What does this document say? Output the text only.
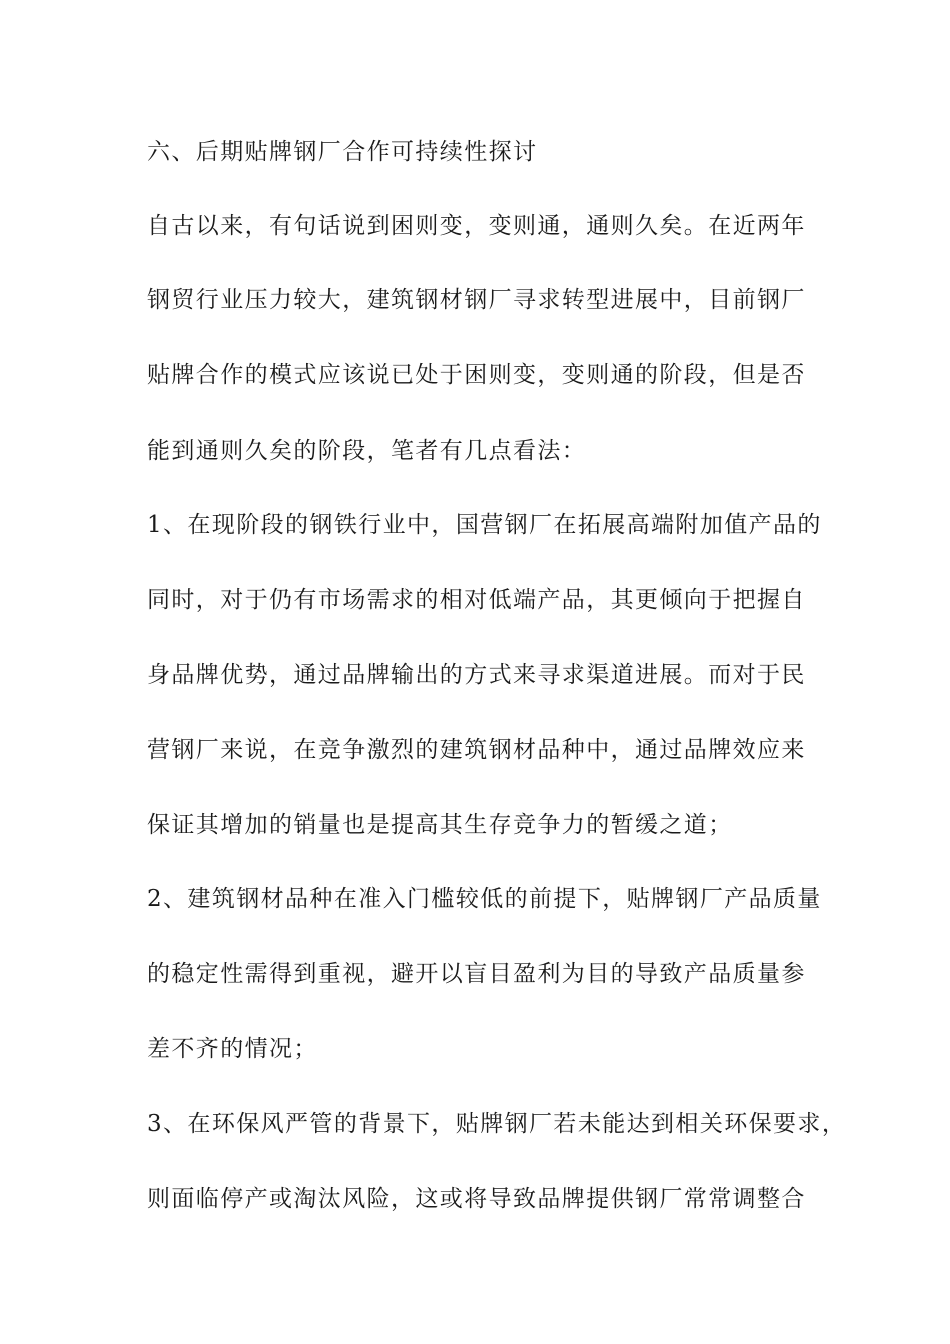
六、后期贴牌钢厂合作可持续性探讨
自古以来，有句话说到困则变，变则通，通则久矣。在近两年
钢贸行业压力较大，建筑钢材钢厂寻求转型进展中，目前钢厂
贴牌合作的模式应该说已处于困则变，变则通的阶段，但是否
能到通则久矣的阶段，笔者有几点看法：
1、在现阶段的钢铁行业中，国营钢厂在拓展高端附加值产品的
同时，对于仍有市场需求的相对低端产品，其更倾向于把握自
身品牌优势，通过品牌输出的方式来寻求渠道进展。而对于民
营钢厂来说，在竞争激烈的建筑钢材品种中，通过品牌效应来
保证其增加的销量也是提高其生存竞争力的暂缓之道；
2、建筑钢材品种在准入门槛较低的前提下，贴牌钢厂产品质量
的稳定性需得到重视，避开以盲目盈利为目的导致产品质量参
差不齐的情况；
3、在环保风严管的背景下，贴牌钢厂若未能达到相关环保要求，
则面临停产或淘汰风险，这或将导致品牌提供钢厂常常调整合
